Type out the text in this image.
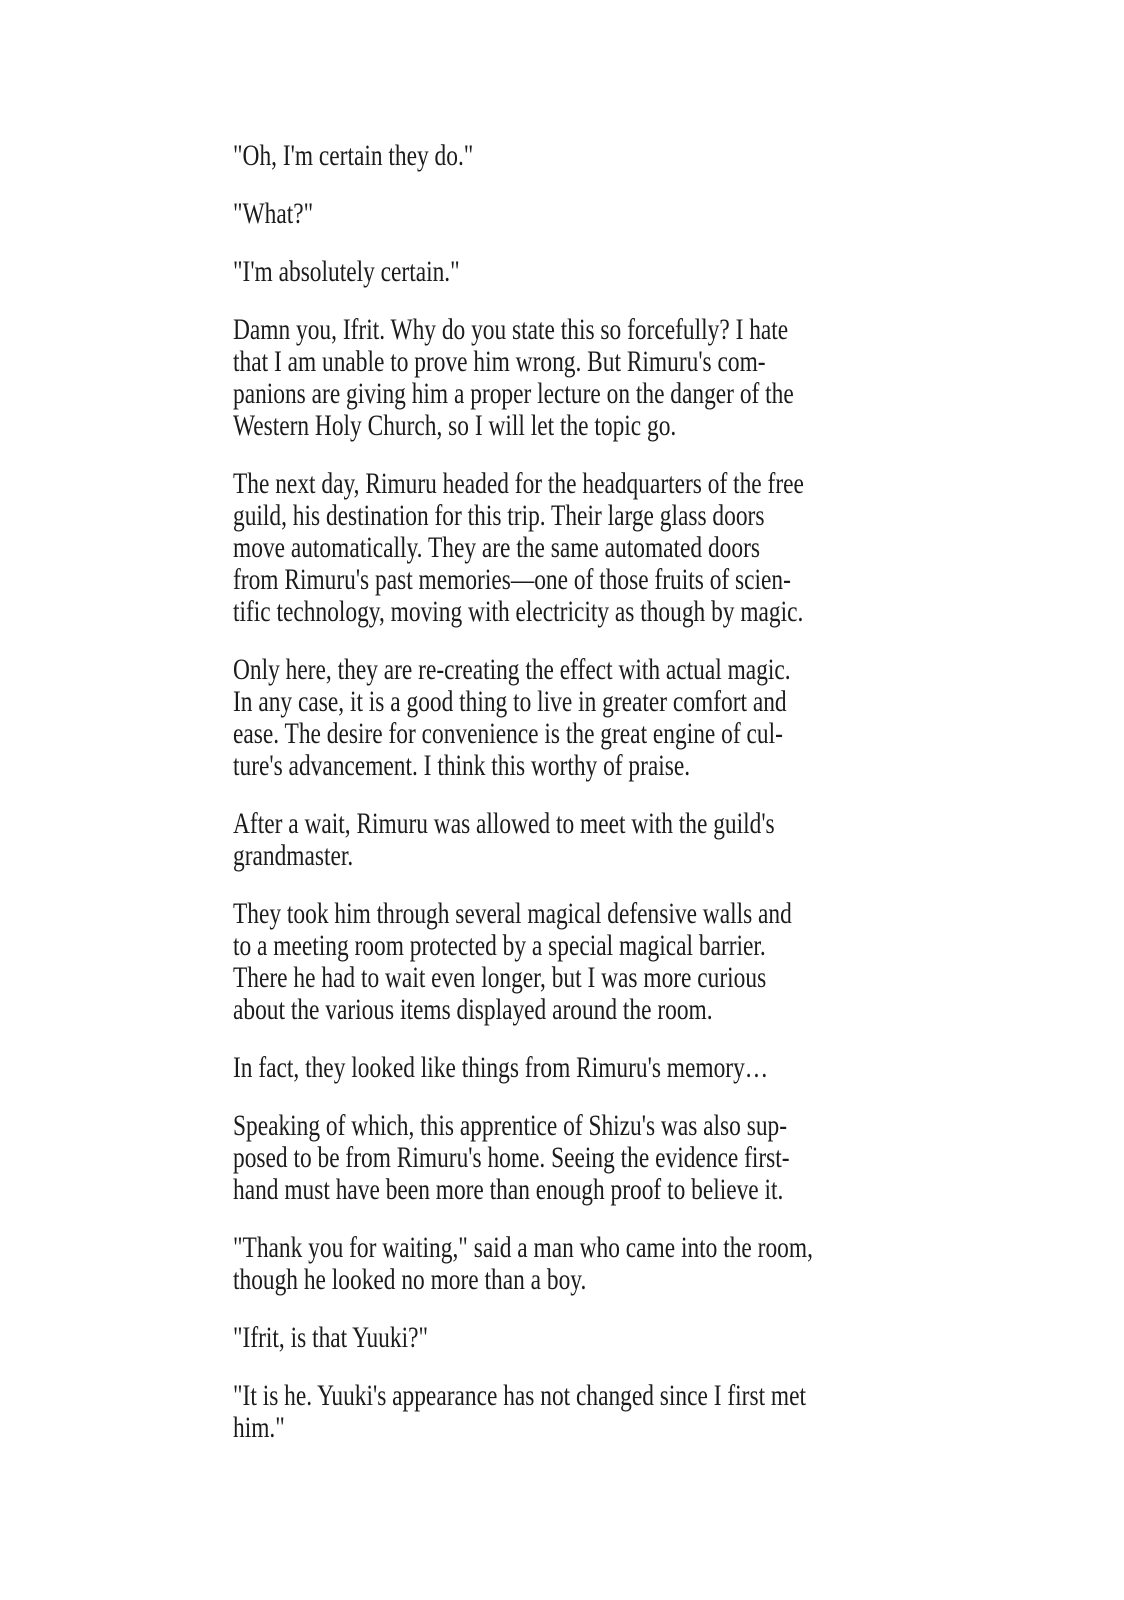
"Oh, I'm certain they do."

"What?"

"I'm absolutely certain."

Damn you, Ifrit. Why do you state this so forcefully? I hate
that I am unable to prove him wrong. But Rimuru's com-
panions are giving him a proper lecture on the danger of the
Western Holy Church, so I will let the topic go.

The next day, Rimuru headed for the headquarters of the free
guild, his destination for this trip. Their large glass doors
move automatically. They are the same automated doors
from Rimuru's past memories—one of those fruits of scien-
tific technology, moving with electricity as though by magic.

Only here, they are re-creating the effect with actual magic.
In any case, it is a good thing to live in greater comfort and
ease. The desire for convenience is the great engine of cul-
ture's advancement. I think this worthy of praise.

After a wait, Rimuru was allowed to meet with the guild's
grandmaster.

They took him through several magical defensive walls and
to a meeting room protected by a special magical barrier.
There he had to wait even longer, but I was more curious
about the various items displayed around the room.

In fact, they looked like things from Rimuru's memory…

Speaking of which, this apprentice of Shizu's was also sup-
posed to be from Rimuru's home. Seeing the evidence first-
hand must have been more than enough proof to believe it.

"Thank you for waiting," said a man who came into the room,
though he looked no more than a boy.

"Ifrit, is that Yuuki?"

"It is he. Yuuki's appearance has not changed since I first met
him."
